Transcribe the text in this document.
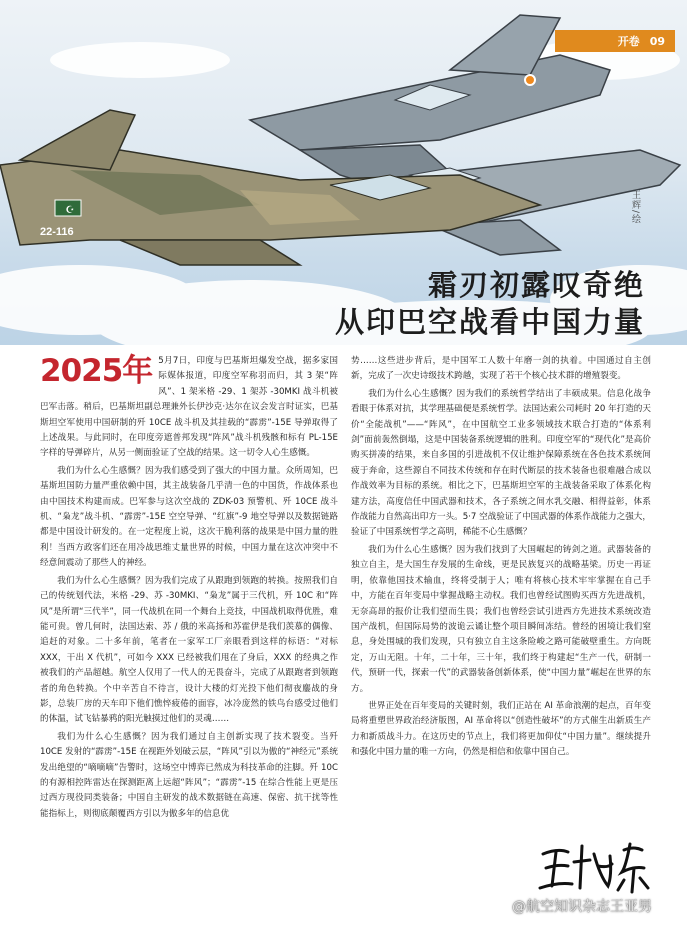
☪
22-116
开卷 09
王辉/绘
霜刃初露叹奇绝
从印巴空战看中国力量

2025年 5月7日，印度与巴基斯坦爆发空战，据多家国际媒体报道，印度空军称羽而归，其 3 架“阵风”、1 架米格 -29、1 架苏 -30MKI 战斗机被巴军击落。稍后，巴基斯坦副总理兼外长伊沙克·达尔在议会发言时证实，巴基斯坦空军使用中国研制的歼 10CE 战斗机及其挂载的“霹雳”-15E 导弹取得了上述战果。与此同时，在印度旁遮普邦发现“阵风”战斗机残骸和标有 PL-15E 字样的导弹碎片，从另一侧面验证了空战的结果。这一切令人心生感慨。

我们为什么心生感慨？因为我们感受到了强大的中国力量。众所周知，巴基斯坦国防力量严重依赖中国，其主战装备几乎清一色的中国货，作战体系也由中国技术构建而成。巴军参与这次空战的 ZDK-03 预警机、歼 10CE 战斗机、“枭龙”战斗机、“霹雳”-15E 空空导弹、“红旗”-9 地空导弹以及数据链路都是中国设计研发的。在一定程度上说，这次干脆利落的战果是中国力量的胜利！当西方政客们还在用冷战思维丈量世界的时候，中国力量在这次冲突中不经意间震动了那些人的神经。

我们为什么心生感慨？因为我们完成了从跟跑到领跑的转换。按照我们自己的传统划代法，米格 -29、苏 -30MKI、“枭龙”属于三代机，歼 10C 和“阵风”是所谓“三代半”，同一代战机在同一个舞台上竞技，中国战机取得优胜，难能可贵。曾几何时，法国达索、苏 / 俄的米高扬和苏霍伊是我们羡慕的偶像、追赶的对象。二十多年前，笔者在一家军工厂亲眼看到这样的标语：“对标 XXX，干出 X 代机”，可如今 XXX 已经被我们甩在了身后，XXX 的经典之作被我们的产品超越。航空人仅用了一代人的无畏奋斗，完成了从跟跑者到领跑者的角色转换。个中辛苦自不待言，设计大楼的灯光投下他们彻夜鏖战的身影，总装厂房的天车印下他们憔悴疲倦的面容，冰冷庞然的铁鸟台感受过他们的体温，试飞钻暴鸦的阳光触摸过他们的灵魂……

我们为什么心生感慨？因为我们通过自主创新实现了技术裂变。当歼 10CE 发射的“霹雳”-15E 在视距外划破云层，“阵风”引以为傲的“神经元”系统发出绝望的“嘀嘀嘀”告警时，这场空中博弈已然成为科技革命的注脚。歼 10C 的有源相控阵雷达在探测距离上远超“阵风”；“霹雳”-15 在综合性能上更是压过西方现役同类装备；中国自主研发的战术数据链在高速、保密、抗干扰等性能指标上，则彻底颠覆西方引以为傲多年的信息优

势……这些进步背后，是中国军工人数十年磨一剑的执着。中国通过自主创新，完成了一次史诗级技术跨越，实现了若干个核心技术群的增殖裂变。

我们为什么心生感慨？因为我们的系统哲学结出了丰硕成果。信息化战争看眼于体系对抗，其学理基础便是系统哲学。法国达索公司耗时 20 年打造的天价“全能战机”——“阵风”，在中国航空工业多领域技术联合打造的“体系利剑”面前轰然倒塌，这是中国装备系统逻辑的胜利。印度空军的“现代化”是高价购买拼凑的结果，来自多国的引进战机不仅让维护保障系统在各色技术系统间疲于奔命，这些源自不同技术传统和存在时代断层的技术装备也很难融合成以作战效率为目标的系统。相比之下，巴基斯坦空军的主战装备采取了体系化构建方法，高度信任中国武器和技术，各子系统之间水乳交融、相得益彰，体系作战能力自然高出印方一头。5·7 空战验证了中国武器的体系作战能力之强大，验证了中国系统哲学之高明，稀能不心生感慨？

我们为什么心生感慨？因为我们找到了大国崛起的铸剑之道。武器装备的独立自主，是大国生存发展的生命线，更是民族复兴的战略基梁。历史一再证明，依靠他国技术输血，终将受制于人；唯有将核心技术牢牢掌握在自己手中，方能在百年变局中掌握战略主动权。我们也曾经试图购买西方先进战机，无奈高昂的报价让我们望而生畏；我们也曾经尝试引进西方先进技术系统改造国产战机，但国际局势的波诡云谲让整个项目瞬间冻结。曾经的困境让我们窒息，身处围城的我们发现，只有独立自主这条险峻之路可能破壁重生。方向既定，万山无阻。十年，二十年，三十年，我们终于构建起“生产一代，研制一代，预研一代，探索一代”的武器装备创新体系，使“中国力量”崛起在世界的东方。

世界正处在百年变局的关键时刻，我们正站在 AI 革命浪潮的起点，百年变局将重塑世界政治经济版图，AI 革命将以“创造性破坏”的方式催生出新质生产力和新质战斗力。在这历史的节点上，我们将更加仰仗“中国力量”。继续提升和强化中国力量的唯一方向，仍然是相信和依靠中国自己。

@航空知识杂志王亚男
